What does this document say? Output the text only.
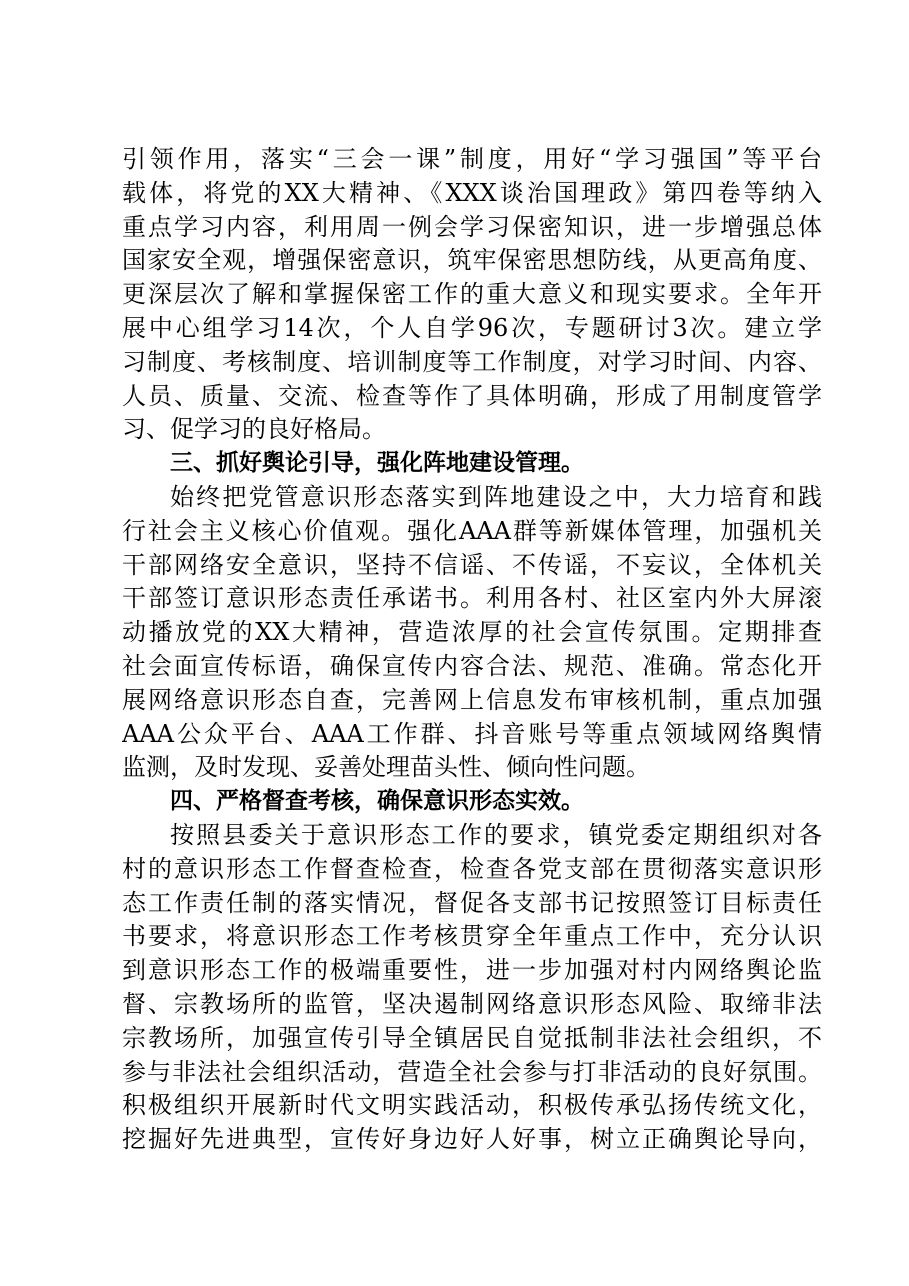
引领作用，落实“三会一课”制度，用好“学习强国”等平台
载体，将党的XX大精神、《XXX谈治国理政》第四卷等纳入
重点学习内容，利用周一例会学习保密知识，进一步增强总体
国家安全观，增强保密意识，筑牢保密思想防线，从更高角度、
更深层次了解和掌握保密工作的重大意义和现实要求。全年开
展中心组学习14次，个人自学96次，专题研讨3次。建立学
习制度、考核制度、培训制度等工作制度，对学习时间、内容、
人员、质量、交流、检查等作了具体明确，形成了用制度管学
习、促学习的良好格局。
三、抓好舆论引导，强化阵地建设管理。
始终把党管意识形态落实到阵地建设之中，大力培育和践
行社会主义核心价值观。强化AAA群等新媒体管理，加强机关
干部网络安全意识，坚持不信谣、不传谣，不妄议，全体机关
干部签订意识形态责任承诺书。利用各村、社区室内外大屏滚
动播放党的XX大精神，营造浓厚的社会宣传氛围。定期排查
社会面宣传标语，确保宣传内容合法、规范、准确。常态化开
展网络意识形态自查，完善网上信息发布审核机制，重点加强
AAA公众平台、AAA工作群、抖音账号等重点领域网络舆情
监测，及时发现、妥善处理苗头性、倾向性问题。
四、严格督查考核，确保意识形态实效。
按照县委关于意识形态工作的要求，镇党委定期组织对各
村的意识形态工作督查检查，检查各党支部在贯彻落实意识形
态工作责任制的落实情况，督促各支部书记按照签订目标责任
书要求，将意识形态工作考核贯穿全年重点工作中，充分认识
到意识形态工作的极端重要性，进一步加强对村内网络舆论监
督、宗教场所的监管，坚决遏制网络意识形态风险、取缔非法
宗教场所，加强宣传引导全镇居民自觉抵制非法社会组织，不
参与非法社会组织活动，营造全社会参与打非活动的良好氛围。
积极组织开展新时代文明实践活动，积极传承弘扬传统文化，
挖掘好先进典型，宣传好身边好人好事，树立正确舆论导向，
